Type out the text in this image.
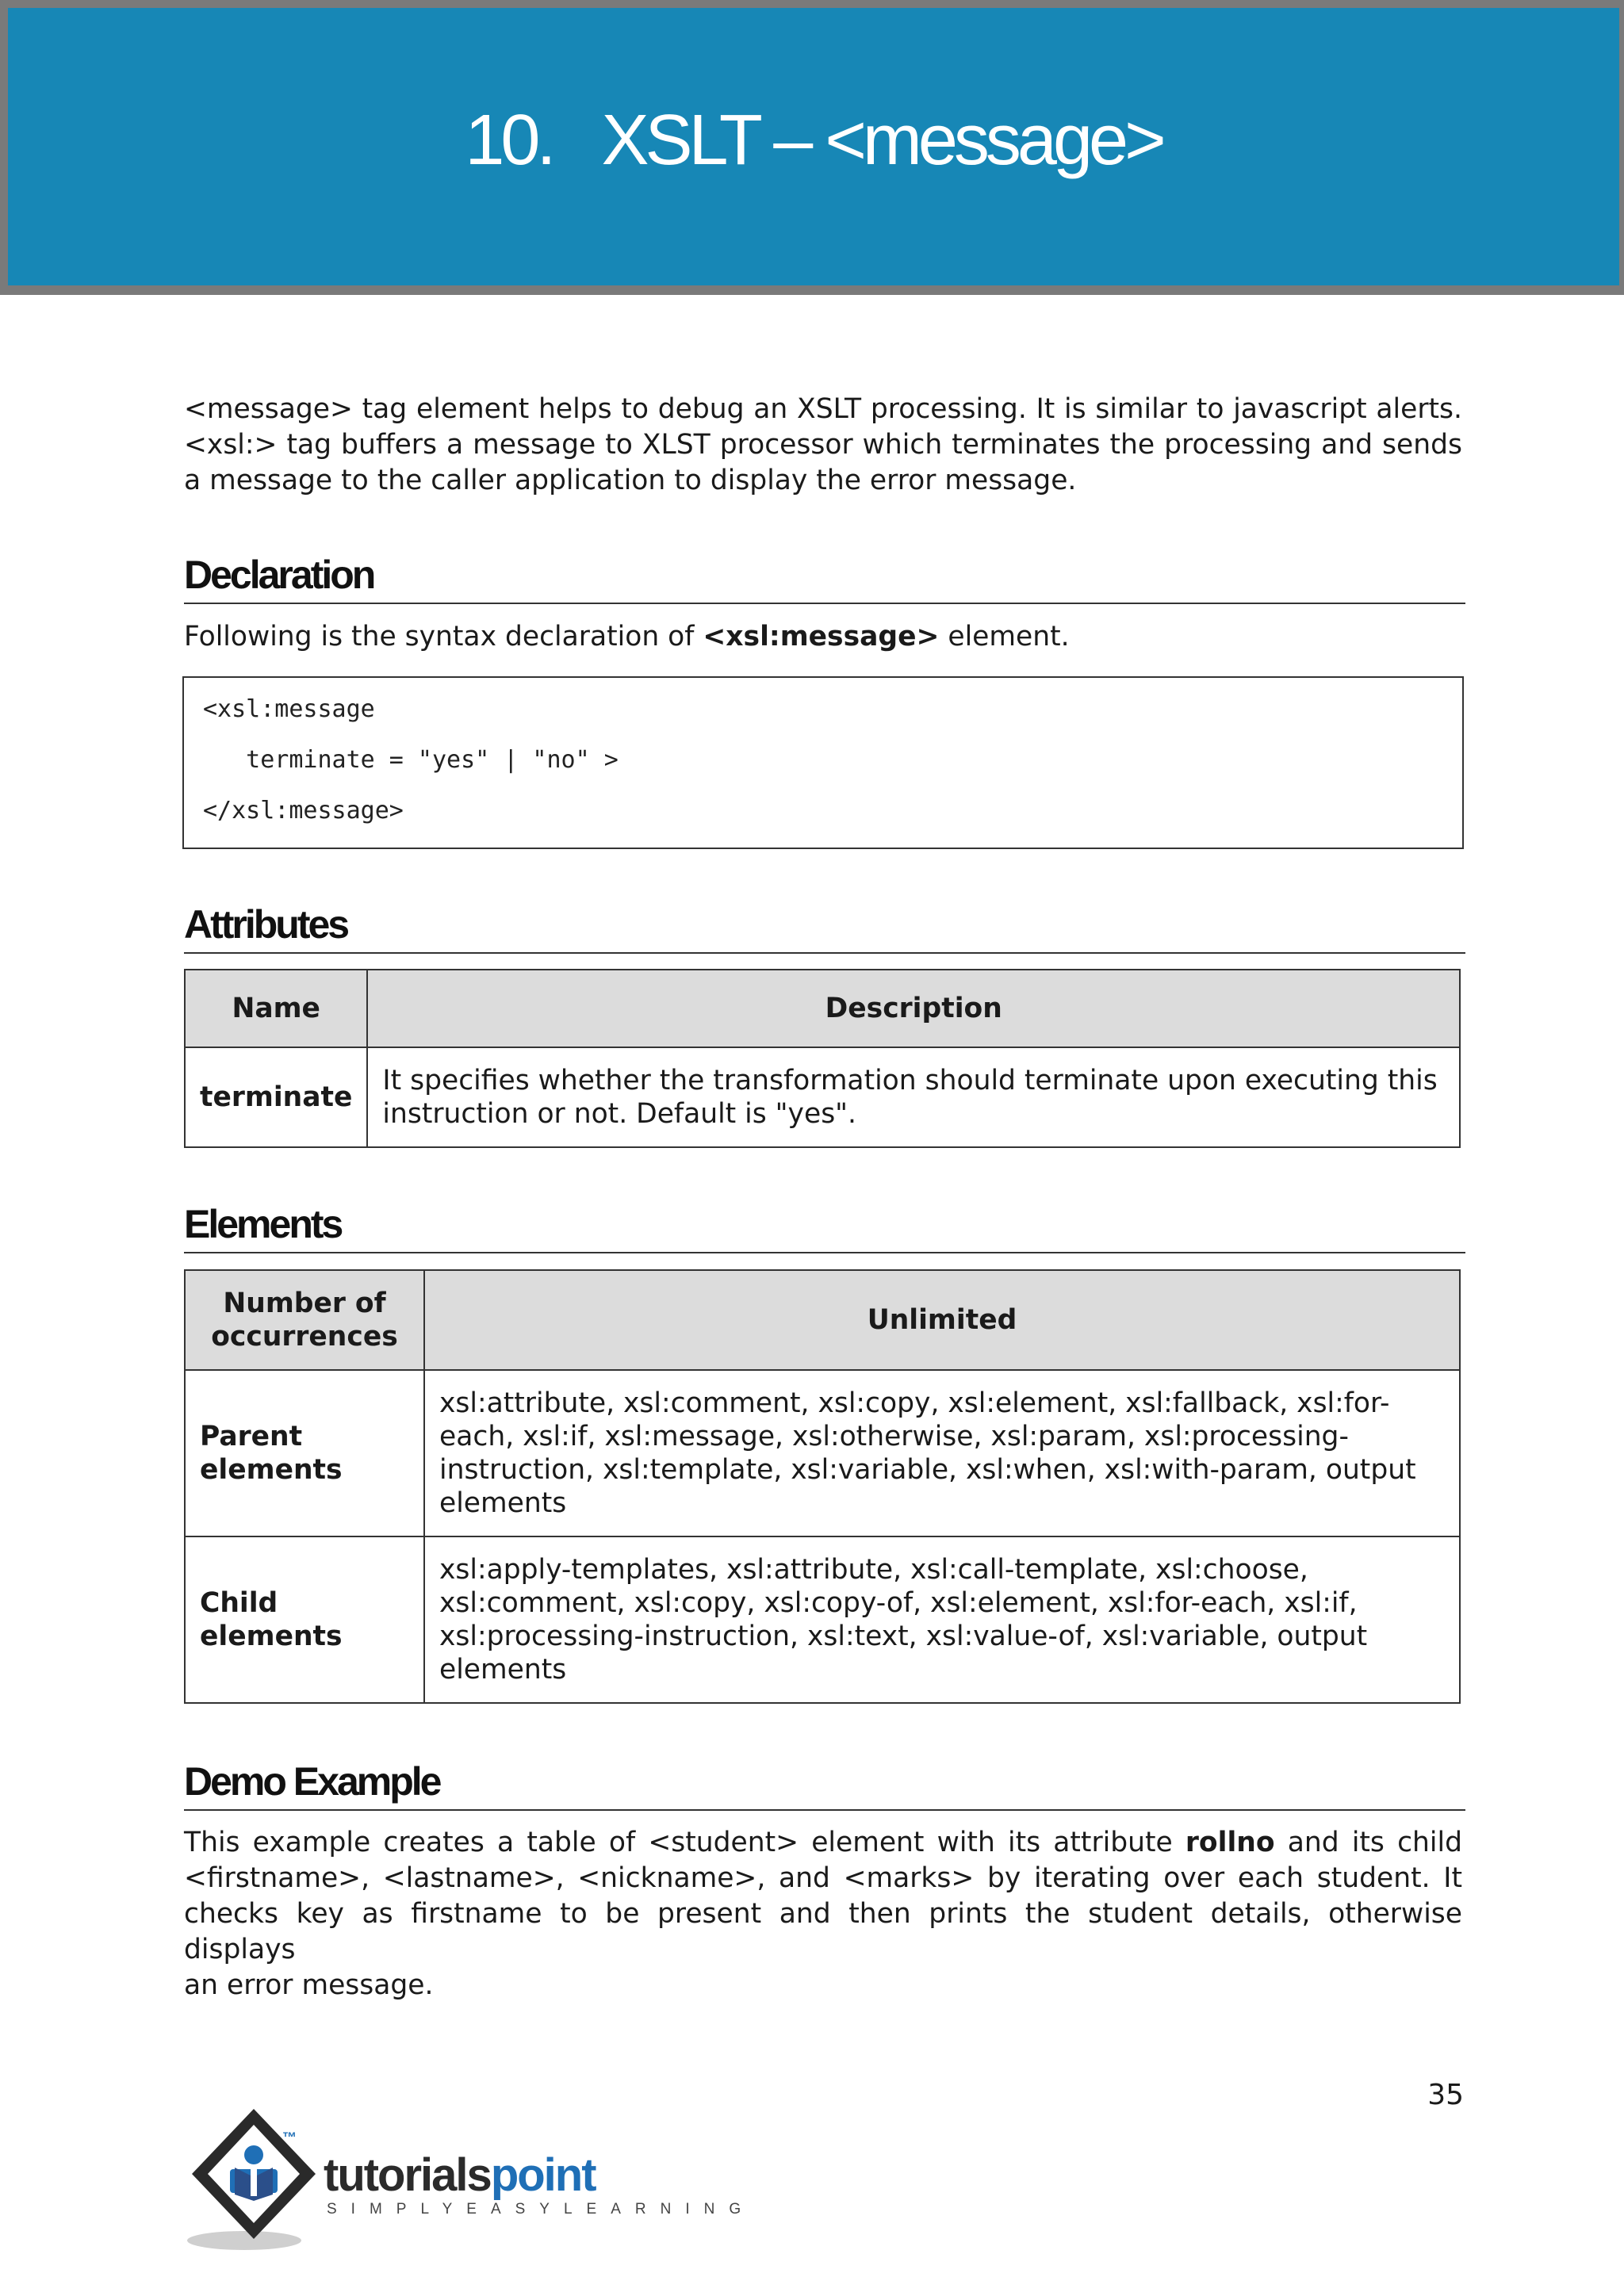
10. XSLT – <message>
<message> tag element helps to debug an XSLT processing. It is similar to javascript alerts.
<xsl:> tag buffers a message to XLST processor which terminates the processing and sends
a message to the caller application to display the error message.
Declaration
Following is the syntax declaration of <xsl:message> element.
<xsl:message
terminate = "yes" | "no" >
</xsl:message>
Attributes
Name	Description
terminate	It specifies whether the transformation should terminate upon executing this instruction or not. Default is "yes".
Elements
Number of occurrences	Unlimited
Parent elements	xsl:attribute, xsl:comment, xsl:copy, xsl:element, xsl:fallback, xsl:for-each, xsl:if, xsl:message, xsl:otherwise, xsl:param, xsl:processing-instruction, xsl:template, xsl:variable, xsl:when, xsl:with-param, output elements
Child elements	xsl:apply-templates, xsl:attribute, xsl:call-template, xsl:choose, xsl:comment, xsl:copy, xsl:copy-of, xsl:element, xsl:for-each, xsl:if, xsl:processing-instruction, xsl:text, xsl:value-of, xsl:variable, output elements
Demo Example
This example creates a table of <student> element with its attribute rollno and its child
<firstname>, <lastname>, <nickname>, and <marks> by iterating over each student. It
checks key as firstname to be present and then prints the student details, otherwise displays
an error message.
35
™
tutorialspoint
SIMPLYEASYLEARNING
